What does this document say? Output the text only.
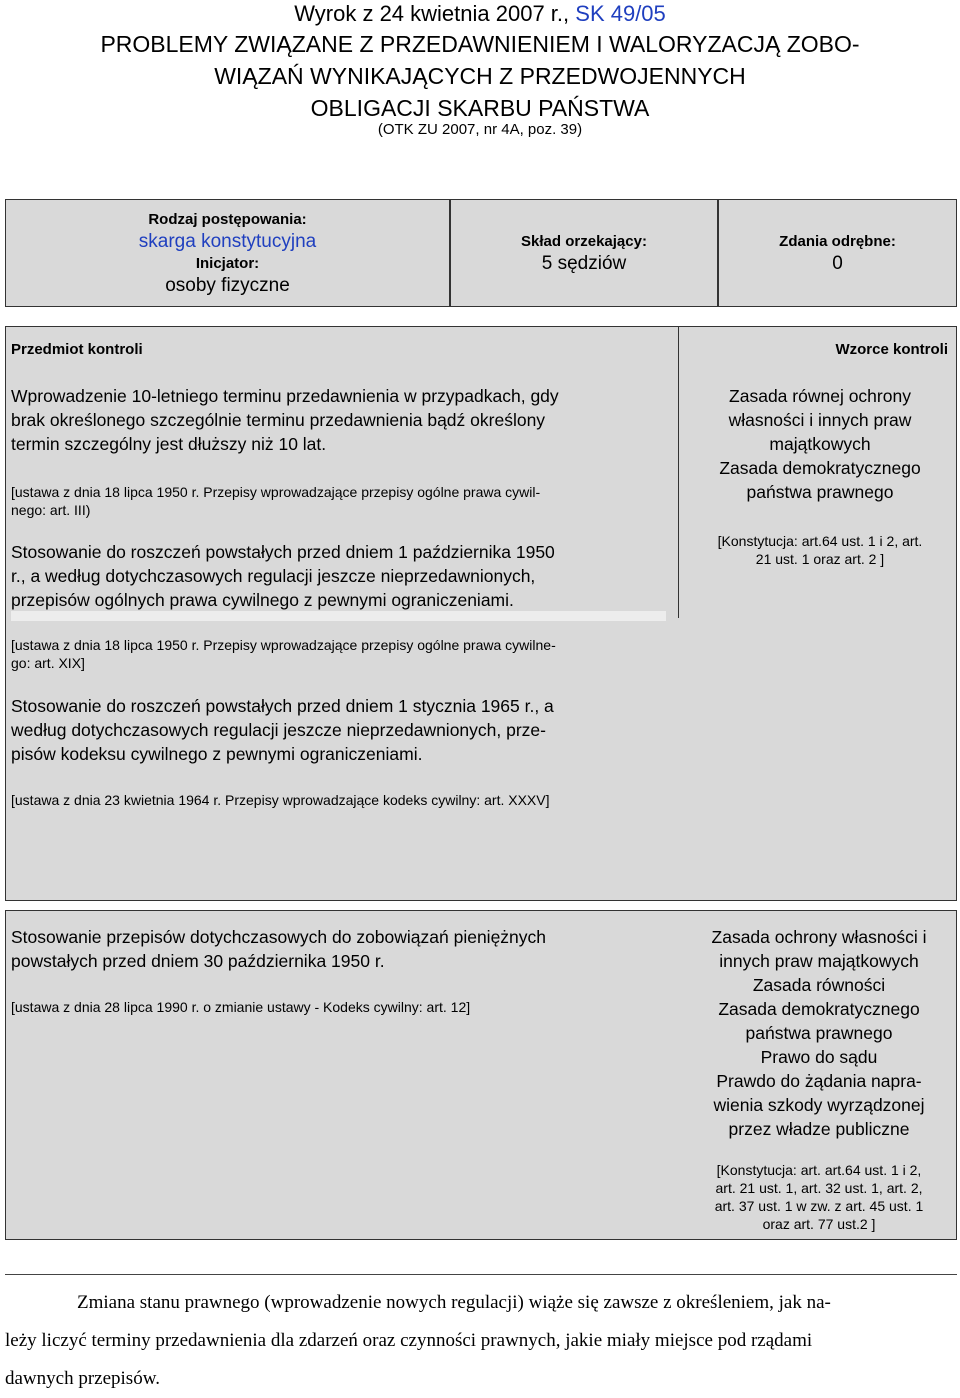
Wyrok z 24 kwietnia 2007 r., SK 49/05
PROBLEMY ZWIĄZANE Z PRZEDAWNIENIEM I WALORYZACJĄ ZOBO-
WIĄZAŃ WYNIKAJĄCYCH Z PRZEDWOJENNYCH
OBLIGACJI SKARBU PAŃSTWA
(OTK ZU 2007, nr 4A, poz. 39)
Rodzaj postępowania:
skarga konstytucyjna
Inicjator:
osoby fizyczne
Skład orzekający:
5 sędziów
Zdania odrębne:
0
Przedmiot kontroli	Wzorce kontroli
Wprowadzenie 10-letniego terminu przedawnienia w przypadkach, gdy
brak określonego szczególnie terminu przedawnienia bądź określony
termin szczególny jest dłuższy niż 10 lat.
[ustawa z dnia 18 lipca 1950 r. Przepisy wprowadzające przepisy ogólne prawa cywil-
nego: art. III)
Stosowanie do roszczeń powstałych przed dniem 1 października 1950
r., a według dotychczasowych regulacji jeszcze nieprzedawnionych,
przepisów ogólnych prawa cywilnego z pewnymi ograniczeniami.
[ustawa z dnia 18 lipca 1950 r. Przepisy wprowadzające przepisy ogólne prawa cywilne-
go: art. XIX]
Stosowanie do roszczeń powstałych przed dniem 1 stycznia 1965 r., a
według dotychczasowych regulacji jeszcze nieprzedawnionych, prze-
pisów kodeksu cywilnego z pewnymi ograniczeniami.
[ustawa z dnia 23 kwietnia 1964 r. Przepisy wprowadzające kodeks cywilny: art. XXXV]
Zasada równej ochrony
własności i innych praw
majątkowych
Zasada demokratycznego
państwa prawnego
[Konstytucja: art.64 ust. 1 i 2, art.
21 ust. 1 oraz art. 2 ]
Stosowanie przepisów dotychczasowych do zobowiązań pieniężnych
powstałych przed dniem 30 października 1950 r.
[ustawa z dnia 28 lipca 1990 r. o zmianie ustawy - Kodeks cywilny: art. 12]
Zasada ochrony własności i
innych praw majątkowych
Zasada równości
Zasada demokratycznego
państwa prawnego
Prawo do sądu
Prawdo do żądania napra-
wienia szkody wyrządzonej
przez władze publiczne
[Konstytucja: art. art.64 ust. 1 i 2,
art. 21 ust. 1, art. 32 ust. 1, art. 2,
art. 37 ust. 1 w zw. z art. 45 ust. 1
oraz art. 77 ust.2 ]
Zmiana stanu prawnego (wprowadzenie nowych regulacji) wiąże się zawsze z określeniem, jak na-
leży liczyć terminy przedawnienia dla zdarzeń oraz czynności prawnych, jakie miały miejsce pod rządami
dawnych przepisów.
